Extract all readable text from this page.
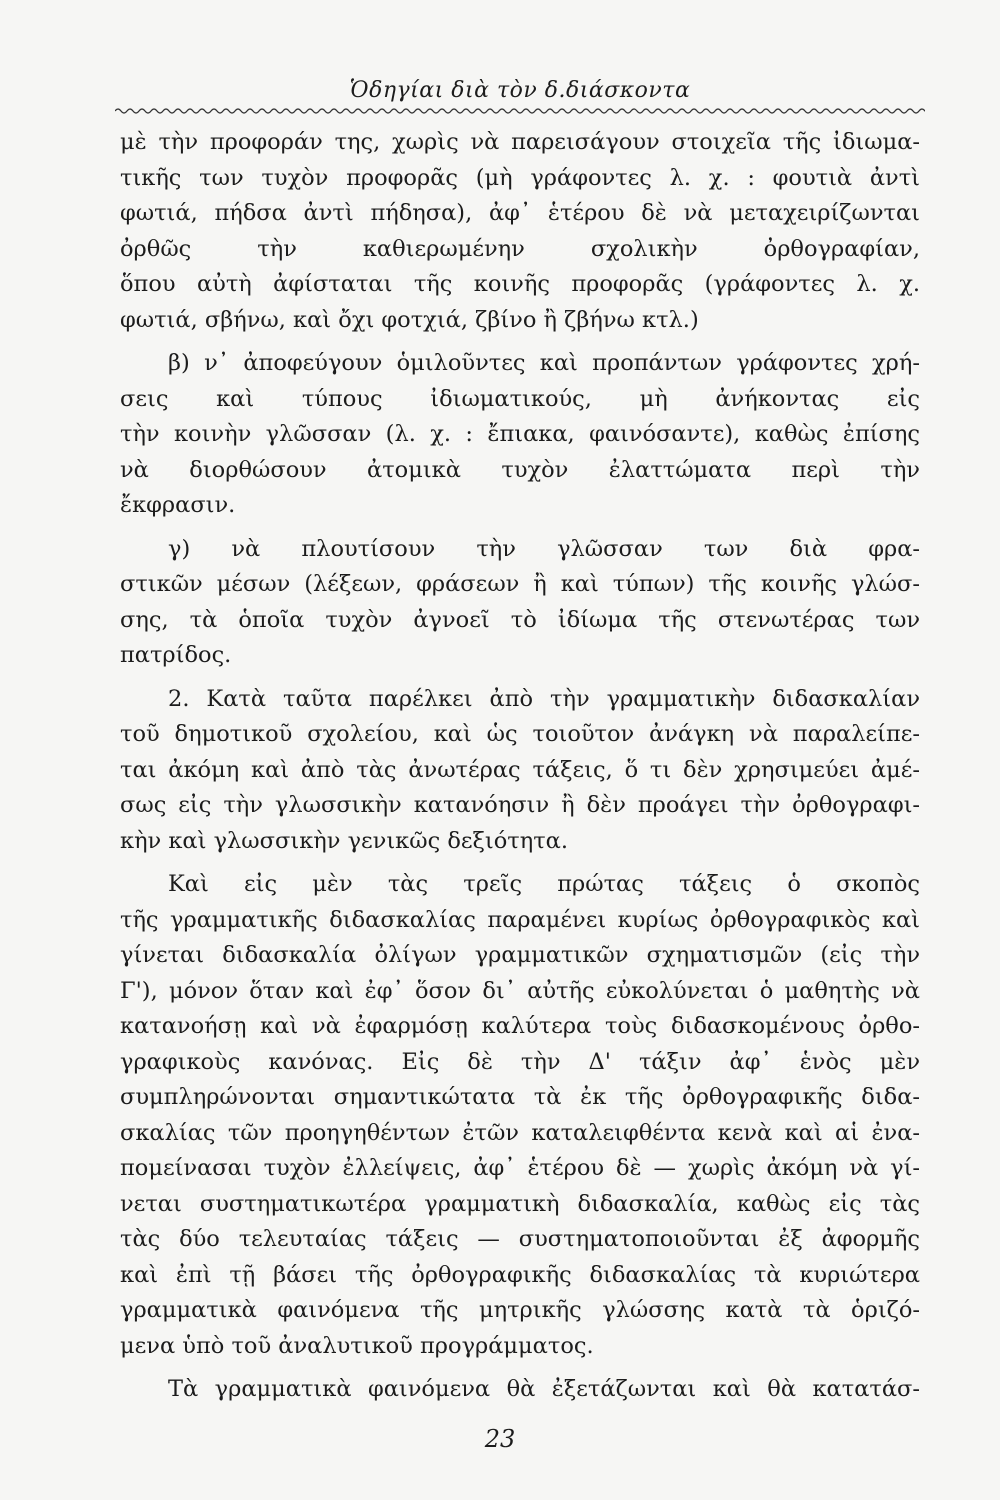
Ὁδηγίαι διὰ τὸν δ.διάσκοντα

μὲ τὴν προφοράν της, χωρὶς νὰ παρεισάγουν στοιχεῖα τῆς ἰδιωμα-

τικῆς των τυχὸν προφορᾶς (μὴ γράφοντες λ. χ. : φουτιὰ ἀντὶ

φωτιά, πήδσα ἀντὶ πήδησα), ἀφ᾽ ἑτέρου δὲ νὰ μεταχειρίζωνται

ὀρθῶς τὴν καθιερωμένην σχολικὴν ὀρθογραφίαν,

ὅπου αὐτὴ ἀφίσταται τῆς κοινῆς προφορᾶς (γράφοντες λ. χ.

φωτιά, σβήνω, καὶ ὄχι φοτχιά, ζβίνο ἢ ζβήνω κτλ.)

β) ν᾽ ἀποφεύγουν ὁμιλοῦντες καὶ προπάντων γράφοντες χρή-

σεις καὶ τύπους ἰδιωματικούς, μὴ ἀνήκοντας εἰς

τὴν κοινὴν γλῶσσαν (λ. χ. : ἔπιακα, φαινόσαντε), καθὼς ἐπίσης

νὰ διορθώσουν ἀτομικὰ τυχὸν ἐλαττώματα περὶ τὴν

ἔκφρασιν.

γ) νὰ πλουτίσουν τὴν γλῶσσαν των διὰ φρα-

στικῶν μέσων (λέξεων, φράσεων ἢ καὶ τύπων) τῆς κοινῆς γλώσ-

σης, τὰ ὁποῖα τυχὸν ἀγνοεῖ τὸ ἰδίωμα τῆς στενωτέρας των

πατρίδος.

2. Κατὰ ταῦτα παρέλκει ἀπὸ τὴν γραμματικὴν διδασκαλίαν

τοῦ δημοτικοῦ σχολείου, καὶ ὡς τοιοῦτον ἀνάγκη νὰ παραλείπε-

ται ἀκόμη καὶ ἀπὸ τὰς ἀνωτέρας τάξεις, ὅ τι δὲν χρησιμεύει ἀμέ-

σως εἰς τὴν γλωσσικὴν κατανόησιν ἢ δὲν προάγει τὴν ὀρθογραφι-

κὴν καὶ γλωσσικὴν γενικῶς δεξιότητα.

Καὶ εἰς μὲν τὰς τρεῖς πρώτας τάξεις ὁ σκοπὸς

τῆς γραμματικῆς διδασκαλίας παραμένει κυρίως ὀρθογραφικὸς καὶ

γίνεται διδασκαλία ὀλίγων γραμματικῶν σχηματισμῶν (εἰς τὴν

Γ'), μόνον ὅταν καὶ ἐφ᾽ ὅσον δι᾽ αὐτῆς εὐκολύνεται ὁ μαθητὴς νὰ

κατανοήσῃ καὶ νὰ ἐφαρμόσῃ καλύτερα τοὺς διδασκομένους ὀρθο-

γραφικοὺς κανόνας. Εἰς δὲ τὴν Δ' τάξιν ἀφ᾽ ἑνὸς μὲν

συμπληρώνονται σημαντικώτατα τὰ ἐκ τῆς ὀρθογραφικῆς διδα-

σκαλίας τῶν προηγηθέντων ἐτῶν καταλειφθέντα κενὰ καὶ αἱ ἐνα-

πομείνασαι τυχὸν ἐλλείψεις, ἀφ᾽ ἑτέρου δὲ — χωρὶς ἀκόμη νὰ γί-

νεται συστηματικωτέρα γραμματικὴ διδασκαλία, καθὼς εἰς τὰς

τὰς δύο τελευταίας τάξεις — συστηματοποιοῦνται ἐξ ἀφορμῆς

καὶ ἐπὶ τῇ βάσει τῆς ὀρθογραφικῆς διδασκαλίας τὰ κυριώτερα

γραμματικὰ φαινόμενα τῆς μητρικῆς γλώσσης κατὰ τὰ ὁριζό-

μενα ὑπὸ τοῦ ἀναλυτικοῦ προγράμματος.

Τὰ γραμματικὰ φαινόμενα θὰ ἐξετάζωνται καὶ θὰ κατατάσ-

23
